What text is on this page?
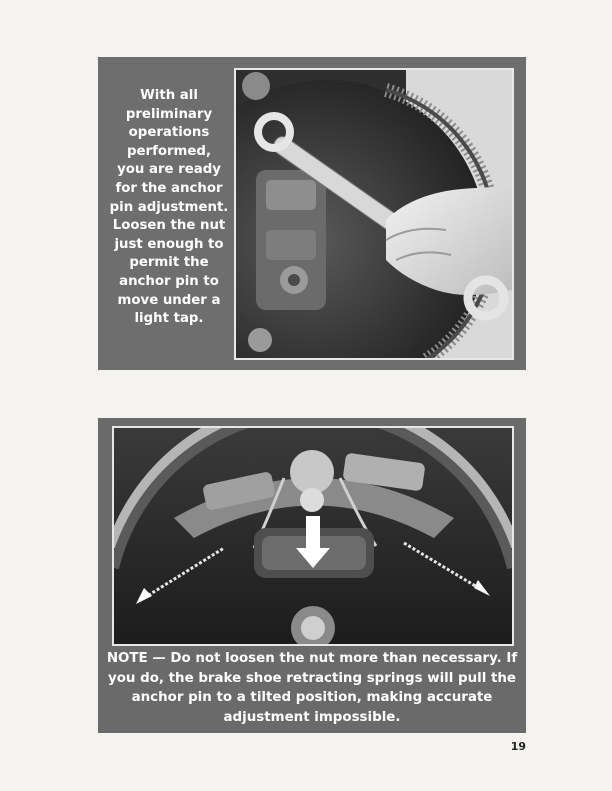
With all
preliminary
operations
performed,
you are ready
for the anchor
pin adjustment.
Loosen the nut
just enough to
permit the
anchor pin to
move under a
light tap.
NOTE — Do not loosen the nut more than necessary. If you do, the brake shoe retracting springs will pull the anchor pin to a tilted position, making accurate adjustment impossible.
19
